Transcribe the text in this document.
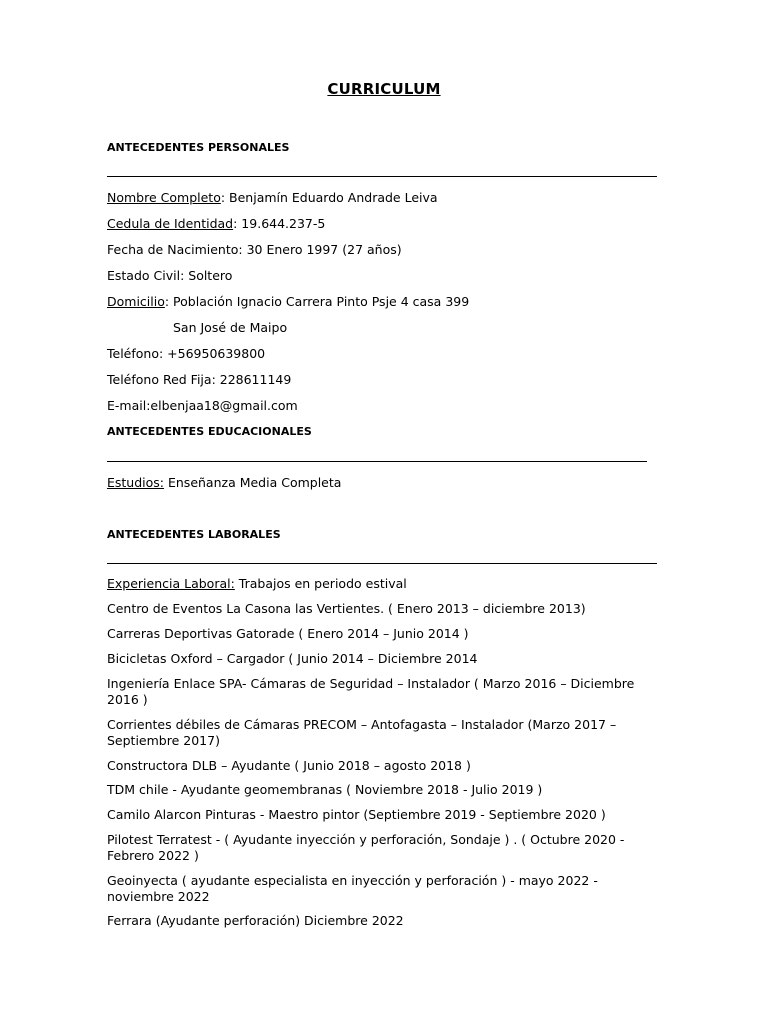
CURRICULUM
ANTECEDENTES PERSONALES
Nombre Completo: Benjamín Eduardo Andrade Leiva
Cedula de Identidad: 19.644.237-5
Fecha de Nacimiento: 30 Enero 1997 (27 años)
Estado Civil: Soltero
Domicilio: Población Ignacio Carrera Pinto Psje 4 casa 399
San José de Maipo
Teléfono: +56950639800
Teléfono Red Fija: 228611149
E-mail:elbenjaa18@gmail.com
ANTECEDENTES EDUCACIONALES
Estudios: Enseñanza Media Completa
ANTECEDENTES LABORALES
Experiencia Laboral: Trabajos en periodo estival
Centro de Eventos La Casona las Vertientes. ( Enero 2013 – diciembre 2013)
Carreras Deportivas Gatorade ( Enero 2014 – Junio 2014 )
Bicicletas Oxford – Cargador ( Junio 2014 – Diciembre 2014
Ingeniería Enlace SPA- Cámaras de Seguridad – Instalador ( Marzo 2016 – Diciembre 2016 )
Corrientes débiles de Cámaras PRECOM – Antofagasta – Instalador (Marzo 2017 – Septiembre 2017)
Constructora DLB – Ayudante ( Junio 2018 – agosto 2018 )
TDM chile - Ayudante geomembranas ( Noviembre 2018 - Julio 2019 )
Camilo Alarcon Pinturas - Maestro pintor (Septiembre 2019 - Septiembre 2020 )
Pilotest Terratest - ( Ayudante inyección y perforación, Sondaje ) . ( Octubre 2020 - Febrero 2022 )
Geoinyecta ( ayudante especialista en inyección y perforación ) - mayo 2022 - noviembre 2022
Ferrara (Ayudante perforación) Diciembre 2022
